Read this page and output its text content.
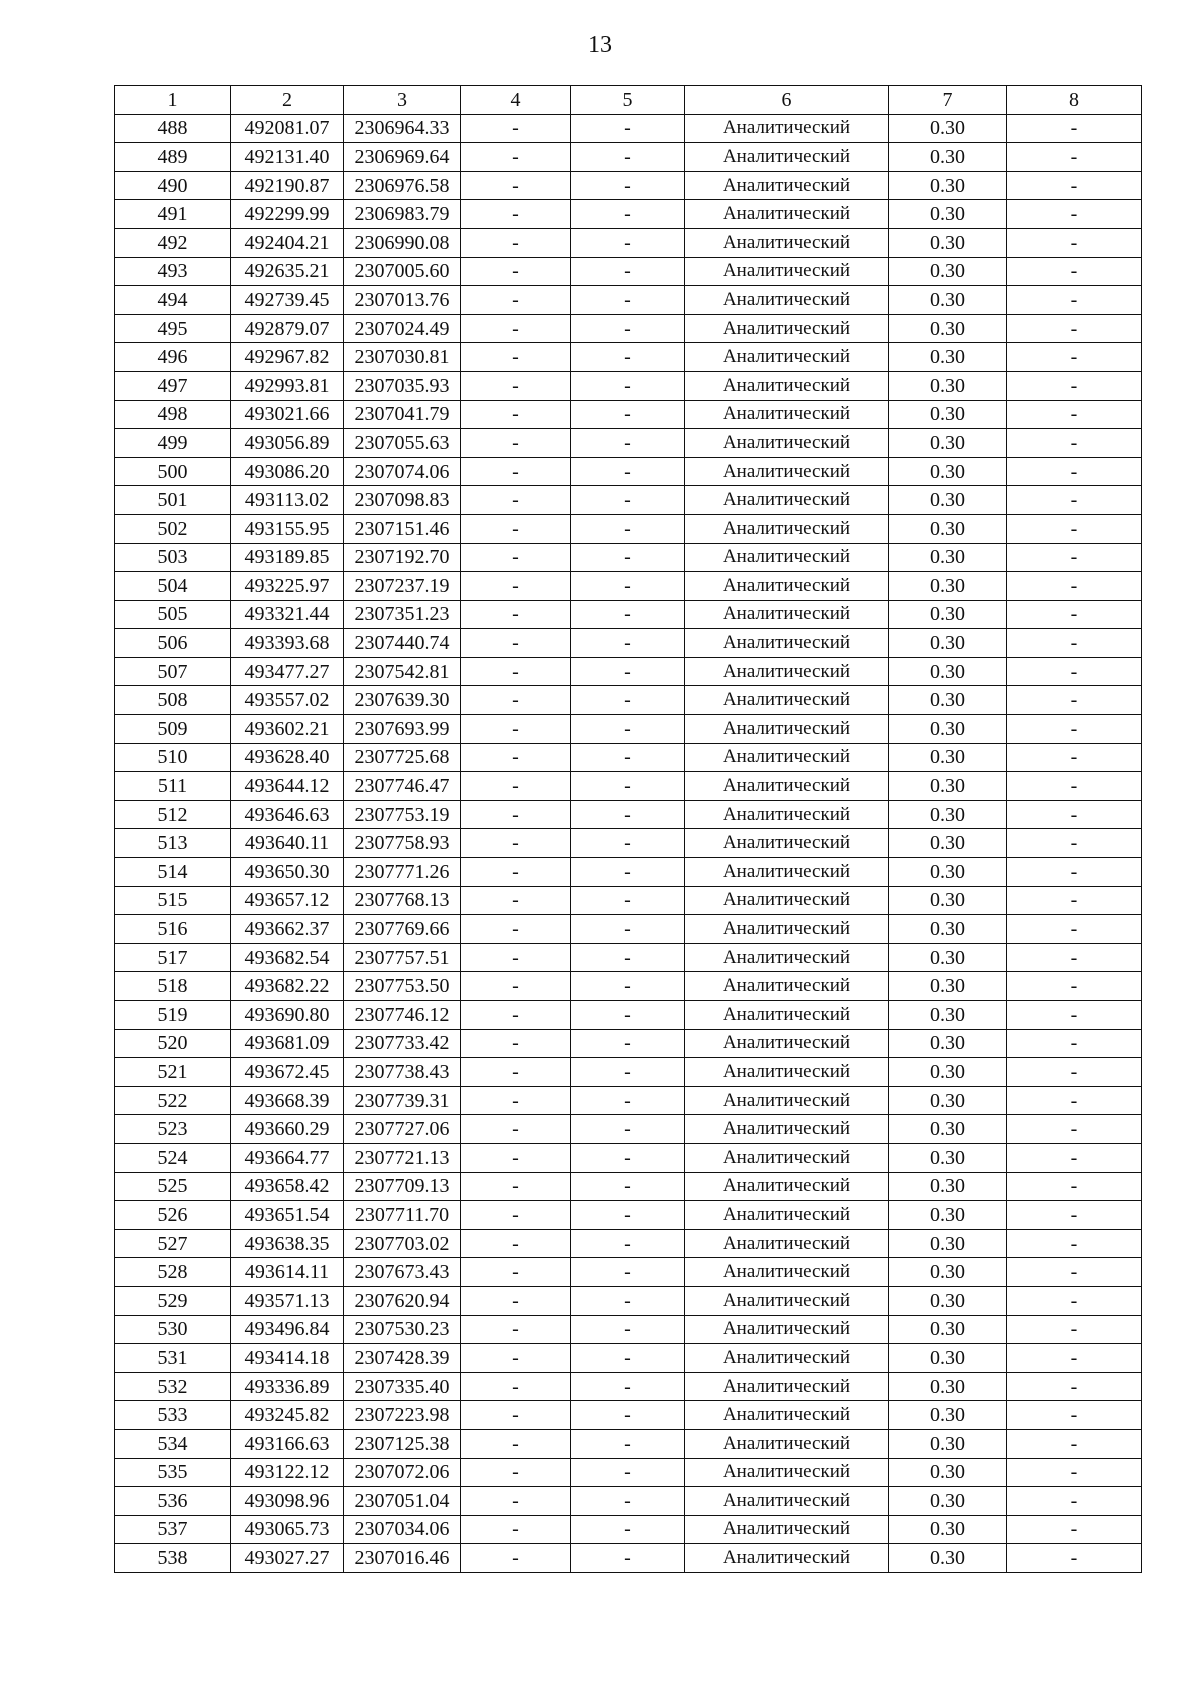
13
1	2	3	4	5	6	7	8
488	492081.07	2306964.33	-	-	Аналитический	0.30	-
489	492131.40	2306969.64	-	-	Аналитический	0.30	-
490	492190.87	2306976.58	-	-	Аналитический	0.30	-
491	492299.99	2306983.79	-	-	Аналитический	0.30	-
492	492404.21	2306990.08	-	-	Аналитический	0.30	-
493	492635.21	2307005.60	-	-	Аналитический	0.30	-
494	492739.45	2307013.76	-	-	Аналитический	0.30	-
495	492879.07	2307024.49	-	-	Аналитический	0.30	-
496	492967.82	2307030.81	-	-	Аналитический	0.30	-
497	492993.81	2307035.93	-	-	Аналитический	0.30	-
498	493021.66	2307041.79	-	-	Аналитический	0.30	-
499	493056.89	2307055.63	-	-	Аналитический	0.30	-
500	493086.20	2307074.06	-	-	Аналитический	0.30	-
501	493113.02	2307098.83	-	-	Аналитический	0.30	-
502	493155.95	2307151.46	-	-	Аналитический	0.30	-
503	493189.85	2307192.70	-	-	Аналитический	0.30	-
504	493225.97	2307237.19	-	-	Аналитический	0.30	-
505	493321.44	2307351.23	-	-	Аналитический	0.30	-
506	493393.68	2307440.74	-	-	Аналитический	0.30	-
507	493477.27	2307542.81	-	-	Аналитический	0.30	-
508	493557.02	2307639.30	-	-	Аналитический	0.30	-
509	493602.21	2307693.99	-	-	Аналитический	0.30	-
510	493628.40	2307725.68	-	-	Аналитический	0.30	-
511	493644.12	2307746.47	-	-	Аналитический	0.30	-
512	493646.63	2307753.19	-	-	Аналитический	0.30	-
513	493640.11	2307758.93	-	-	Аналитический	0.30	-
514	493650.30	2307771.26	-	-	Аналитический	0.30	-
515	493657.12	2307768.13	-	-	Аналитический	0.30	-
516	493662.37	2307769.66	-	-	Аналитический	0.30	-
517	493682.54	2307757.51	-	-	Аналитический	0.30	-
518	493682.22	2307753.50	-	-	Аналитический	0.30	-
519	493690.80	2307746.12	-	-	Аналитический	0.30	-
520	493681.09	2307733.42	-	-	Аналитический	0.30	-
521	493672.45	2307738.43	-	-	Аналитический	0.30	-
522	493668.39	2307739.31	-	-	Аналитический	0.30	-
523	493660.29	2307727.06	-	-	Аналитический	0.30	-
524	493664.77	2307721.13	-	-	Аналитический	0.30	-
525	493658.42	2307709.13	-	-	Аналитический	0.30	-
526	493651.54	2307711.70	-	-	Аналитический	0.30	-
527	493638.35	2307703.02	-	-	Аналитический	0.30	-
528	493614.11	2307673.43	-	-	Аналитический	0.30	-
529	493571.13	2307620.94	-	-	Аналитический	0.30	-
530	493496.84	2307530.23	-	-	Аналитический	0.30	-
531	493414.18	2307428.39	-	-	Аналитический	0.30	-
532	493336.89	2307335.40	-	-	Аналитический	0.30	-
533	493245.82	2307223.98	-	-	Аналитический	0.30	-
534	493166.63	2307125.38	-	-	Аналитический	0.30	-
535	493122.12	2307072.06	-	-	Аналитический	0.30	-
536	493098.96	2307051.04	-	-	Аналитический	0.30	-
537	493065.73	2307034.06	-	-	Аналитический	0.30	-
538	493027.27	2307016.46	-	-	Аналитический	0.30	-
